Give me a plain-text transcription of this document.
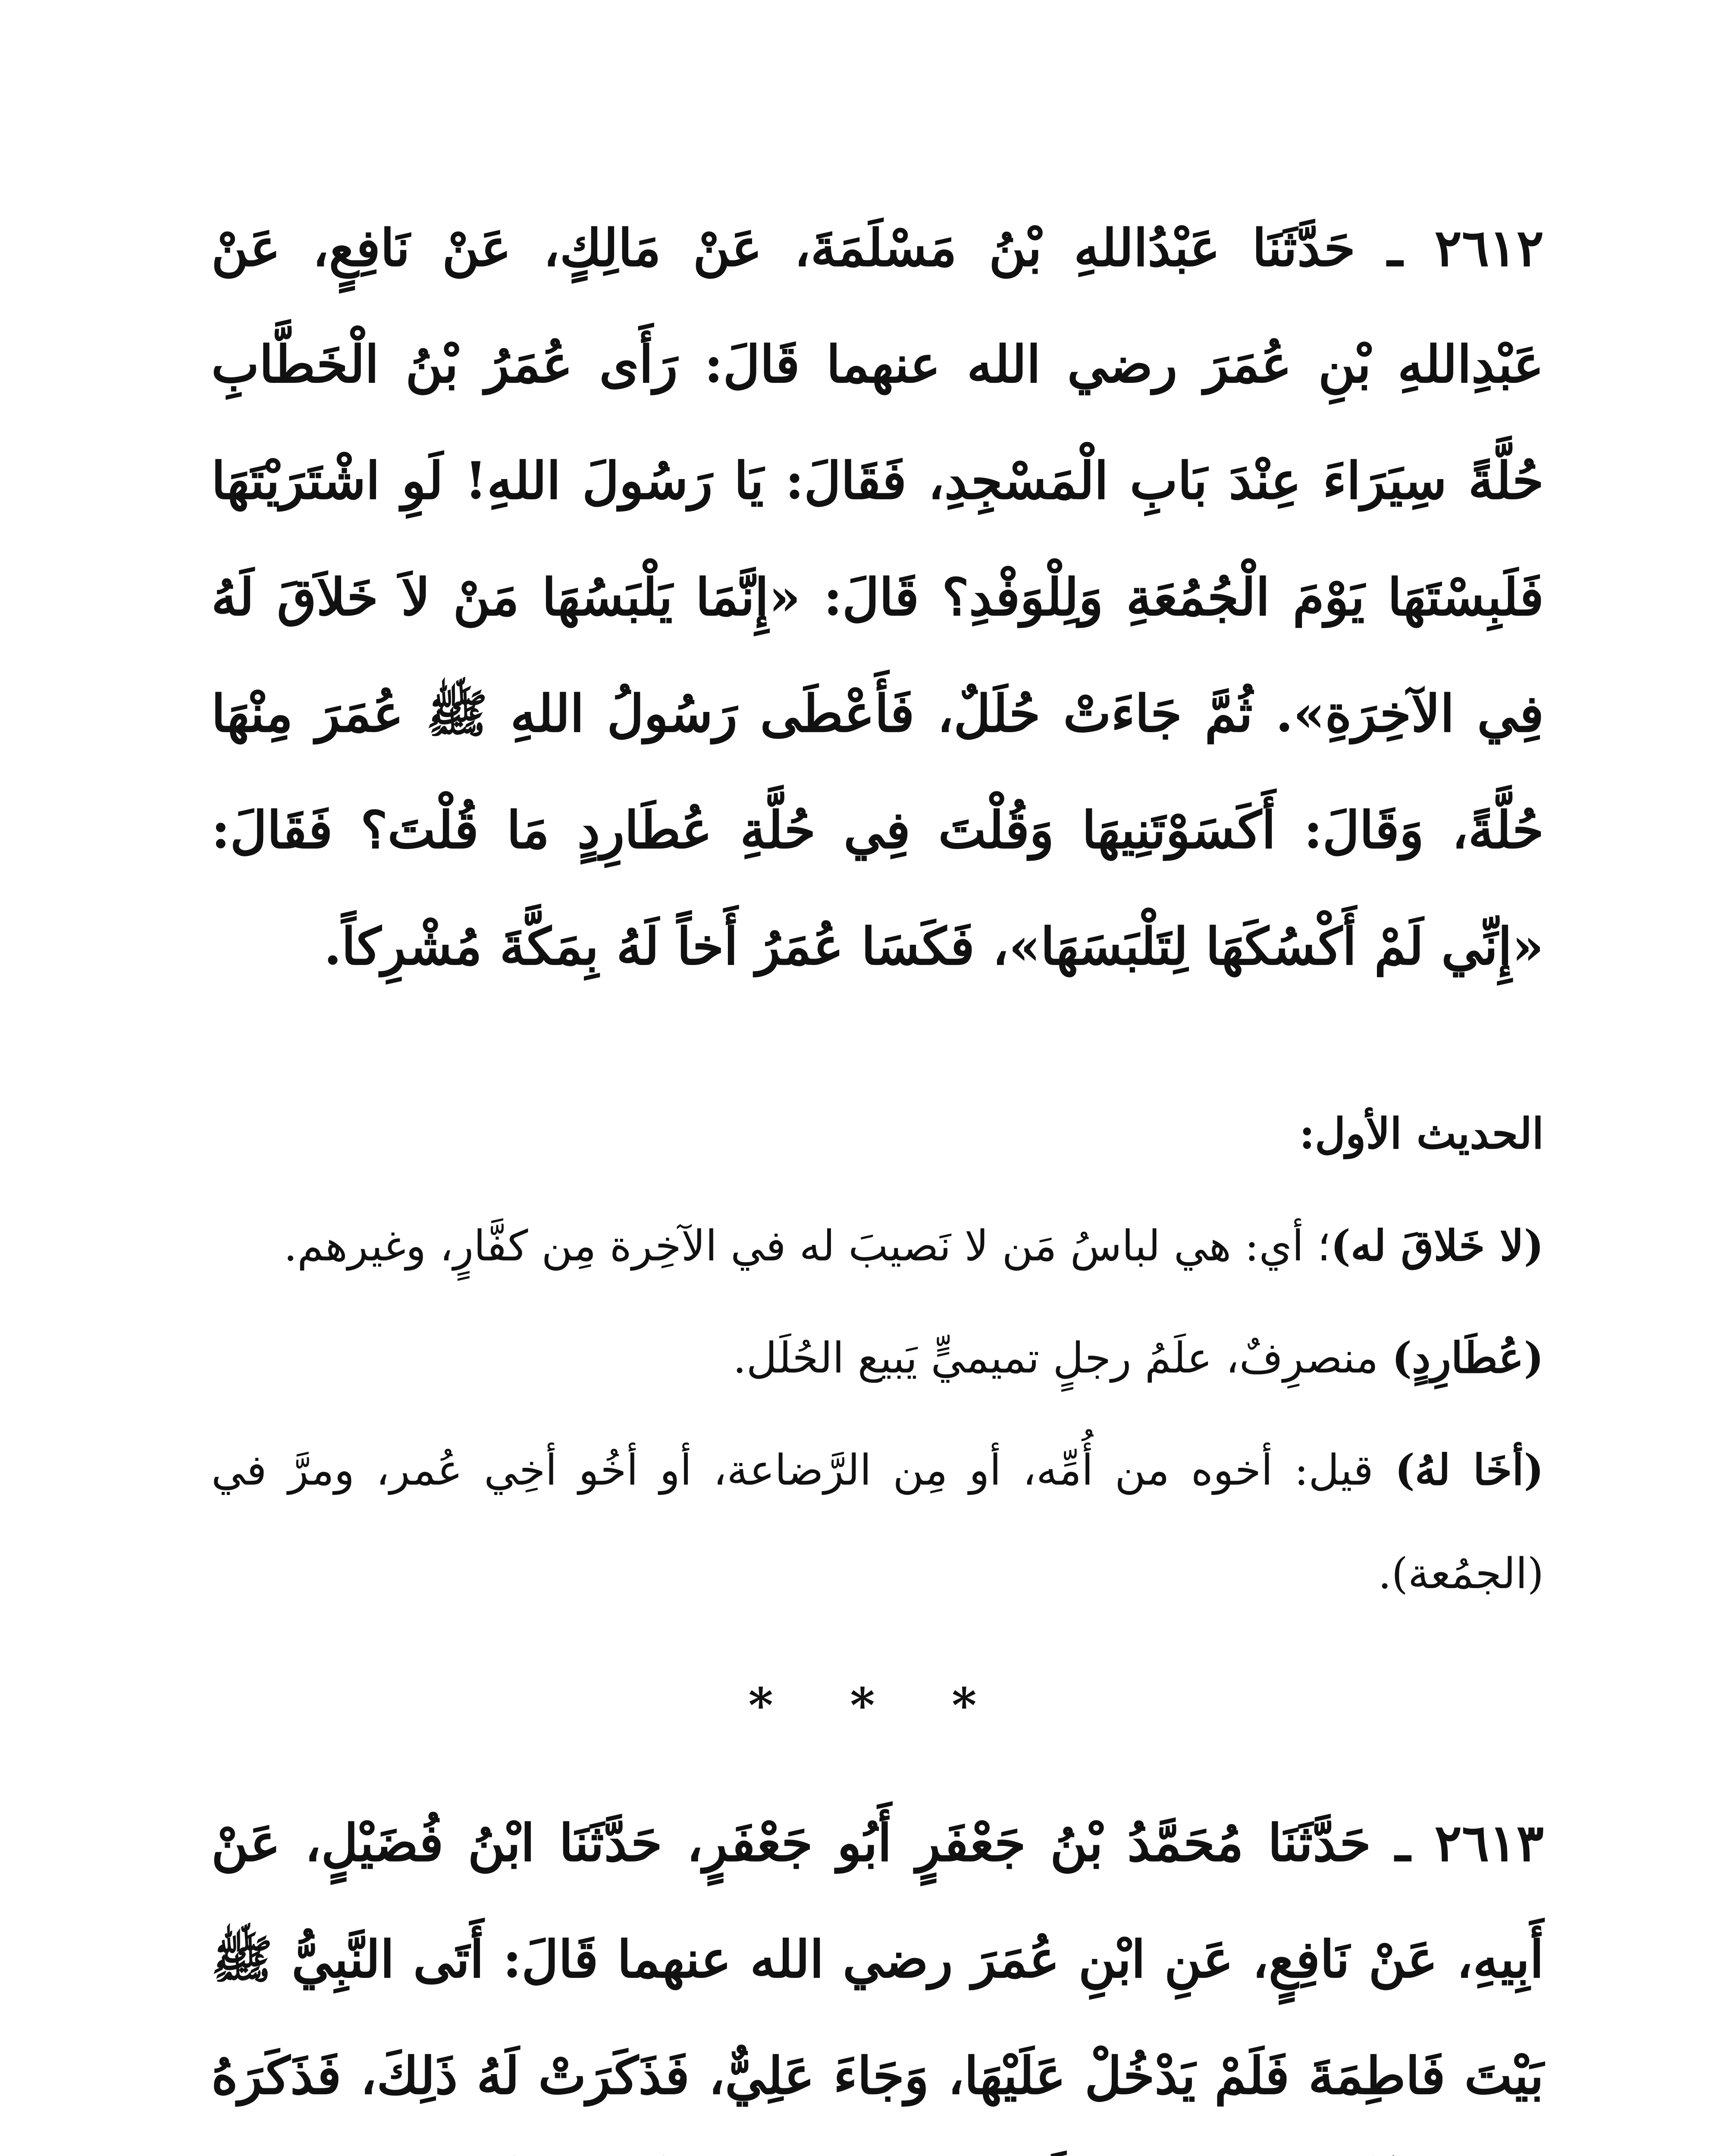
٢٦١٢ ـ حَدَّثَنَا عَبْدُاللهِ بْنُ مَسْلَمَةَ، عَنْ مَالِكٍ، عَنْ نَافِعٍ، عَنْ عَبْدِاللهِ بْنِ عُمَرَ رضي الله عنهما قَالَ: رَأَى عُمَرُ بْنُ الْخَطَّابِ حُلَّةً سِيَرَاءَ عِنْدَ بَابِ الْمَسْجِدِ، فَقَالَ: يَا رَسُولَ اللهِ! لَوِ اشْتَرَيْتَهَا فَلَبِسْتَهَا يَوْمَ الْجُمُعَةِ وَلِلْوَفْدِ؟ قَالَ: «إِنَّمَا يَلْبَسُهَا مَنْ لاَ خَلاَقَ لَهُ فِي الآخِرَةِ». ثُمَّ جَاءَتْ حُلَلٌ، فَأَعْطَى رَسُولُ اللهِ ﷺ عُمَرَ مِنْهَا حُلَّةً، وَقَالَ: أَكَسَوْتَنِيهَا وَقُلْتَ فِي حُلَّةِ عُطَارِدٍ مَا قُلْتَ؟ فَقَالَ: «إِنِّي لَمْ أَكْسُكَهَا لِتَلْبَسَهَا»، فَكَسَا عُمَرُ أَخاً لَهُ بِمَكَّةَ مُشْرِكاً.

الحديث الأول:

(لا خَلاقَ له)؛ أي: هي لباسُ مَن لا نَصيبَ له في الآخِرة مِن كفَّارٍ، وغيرهم.

(عُطَارِدٍ) منصرِفٌ، علَمُ رجلٍ تميميٍّ يَبيع الحُلَل.

(أخَا لهُ) قيل: أخوه من أُمِّه، أو مِن الرَّضاعة، أو أخُو أخِي عُمر، ومرَّ في (الجمُعة).

* * *

٢٦١٣ ـ حَدَّثَنَا مُحَمَّدُ بْنُ جَعْفَرٍ أَبُو جَعْفَرٍ، حَدَّثَنَا ابْنُ فُضَيْلٍ، عَنْ أَبِيهِ، عَنْ نَافِعٍ، عَنِ ابْنِ عُمَرَ رضي الله عنهما قَالَ: أَتَى النَّبِيُّ ﷺ بَيْتَ فَاطِمَةَ فَلَمْ يَدْخُلْ عَلَيْهَا، وَجَاءَ عَلِيٌّ، فَذَكَرَتْ لَهُ ذَلِكَ، فَذَكَرَهُ
